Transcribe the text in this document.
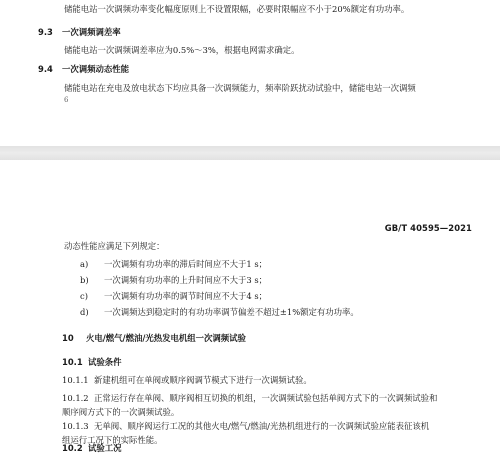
储能电站一次调频功率变化幅度原则上不设置限幅，必要时限幅应不小于20%额定有功功率。
9.3 一次调频调差率
储能电站一次调频调差率应为0.5%～3%，根据电网需求确定。
9.4 一次调频动态性能
储能电站在充电及放电状态下均应具备一次调频能力，频率阶跃扰动试验中，储能电站一次调频
6
GB/T 40595—2021
动态性能应满足下列规定：
a) 一次调频有功功率的滞后时间应不大于1 s；
b) 一次调频有功功率的上升时间应不大于3 s；
c) 一次调频有功功率的调节时间应不大于4 s；
d) 一次调频达到稳定时的有功功率调节偏差不超过±1%额定有功功率。
10 火电/燃气/燃油/光热发电机组一次调频试验
10.1 试验条件
10.1.1 新建机组可在单阀或顺序阀调节模式下进行一次调频试验。
10.1.2 正常运行存在单阀、顺序阀相互切换的机组，一次调频试验包括单阀方式下的一次调频试验和
顺序阀方式下的一次调频试验。
10.1.3 无单阀、顺序阀运行工况的其他火电/燃气/燃油/光热机组进行的一次调频试验应能表征该机
组运行工况下的实际性能。
10.2 试验工况
